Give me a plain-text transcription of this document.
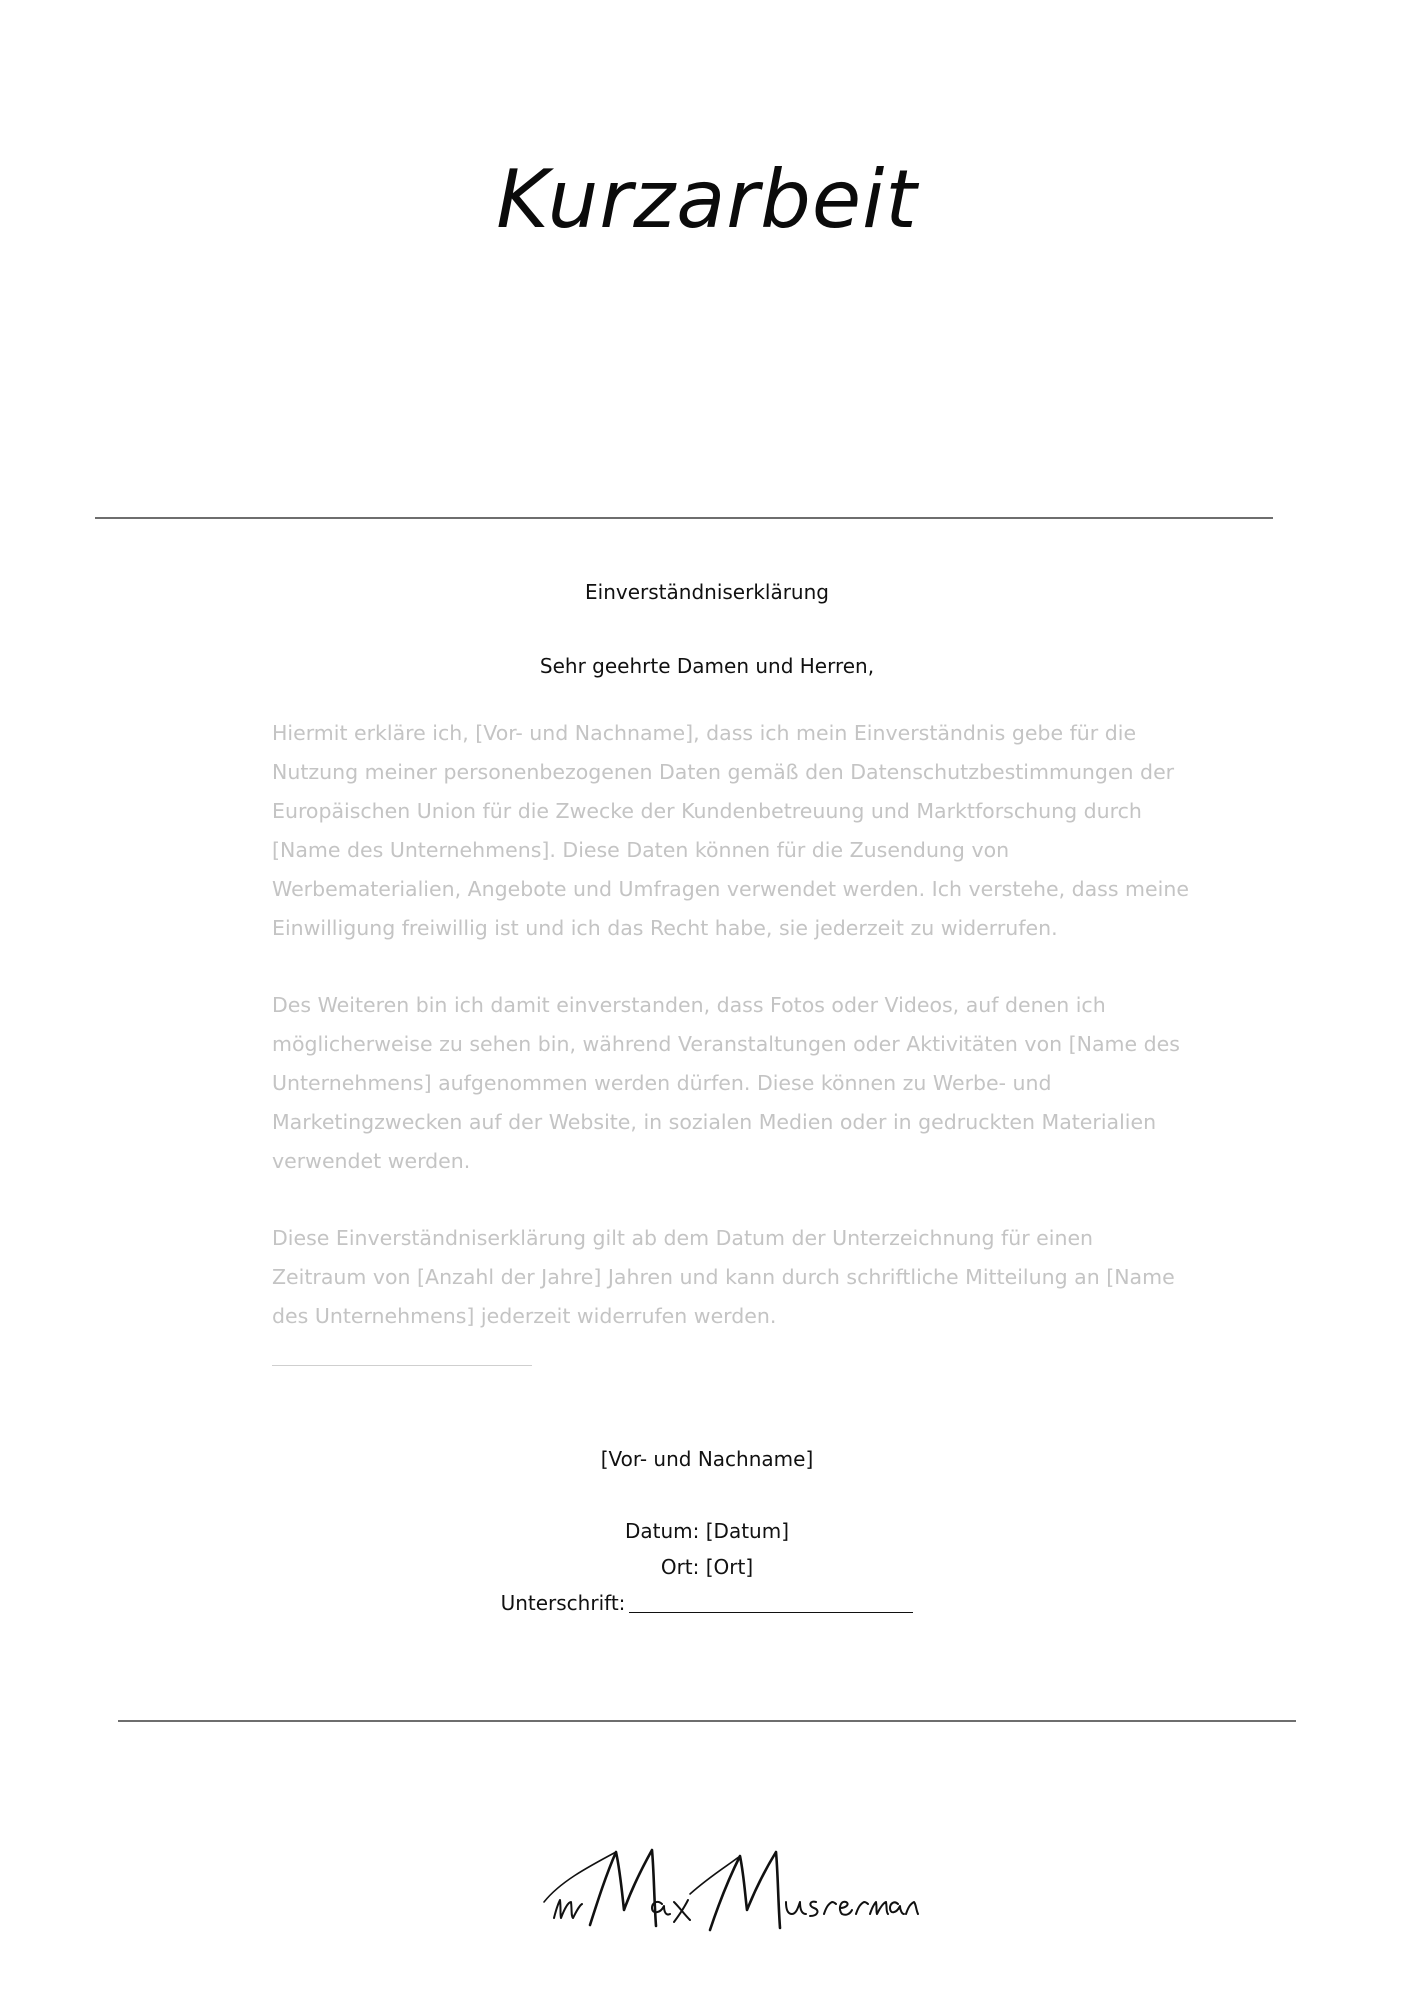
Kurzarbeit
Einverständniserklärung
Sehr geehrte Damen und Herren,

Hiermit erkläre ich, [Vor- und Nachname], dass ich mein Einverständnis gebe für die Nutzung meiner personenbezogenen Daten gemäß den Datenschutzbestimmungen der Europäischen Union für die Zwecke der Kundenbetreuung und Marktforschung durch [Name des Unternehmens]. Diese Daten können für die Zusendung von Werbematerialien, Angebote und Umfragen verwendet werden. Ich verstehe, dass meine Einwilligung freiwillig ist und ich das Recht habe, sie jederzeit zu widerrufen.

Des Weiteren bin ich damit einverstanden, dass Fotos oder Videos, auf denen ich möglicherweise zu sehen bin, während Veranstaltungen oder Aktivitäten von [Name des Unternehmens] aufgenommen werden dürfen. Diese können zu Werbe- und Marketingzwecken auf der Website, in sozialen Medien oder in gedruckten Materialien verwendet werden.

Diese Einverständniserklärung gilt ab dem Datum der Unterzeichnung für einen Zeitraum von [Anzahl der Jahre] Jahren und kann durch schriftliche Mitteilung an [Name des Unternehmens] jederzeit widerrufen werden.

[Vor- und Nachname]
Datum: [Datum]
Ort: [Ort]
Unterschrift:
